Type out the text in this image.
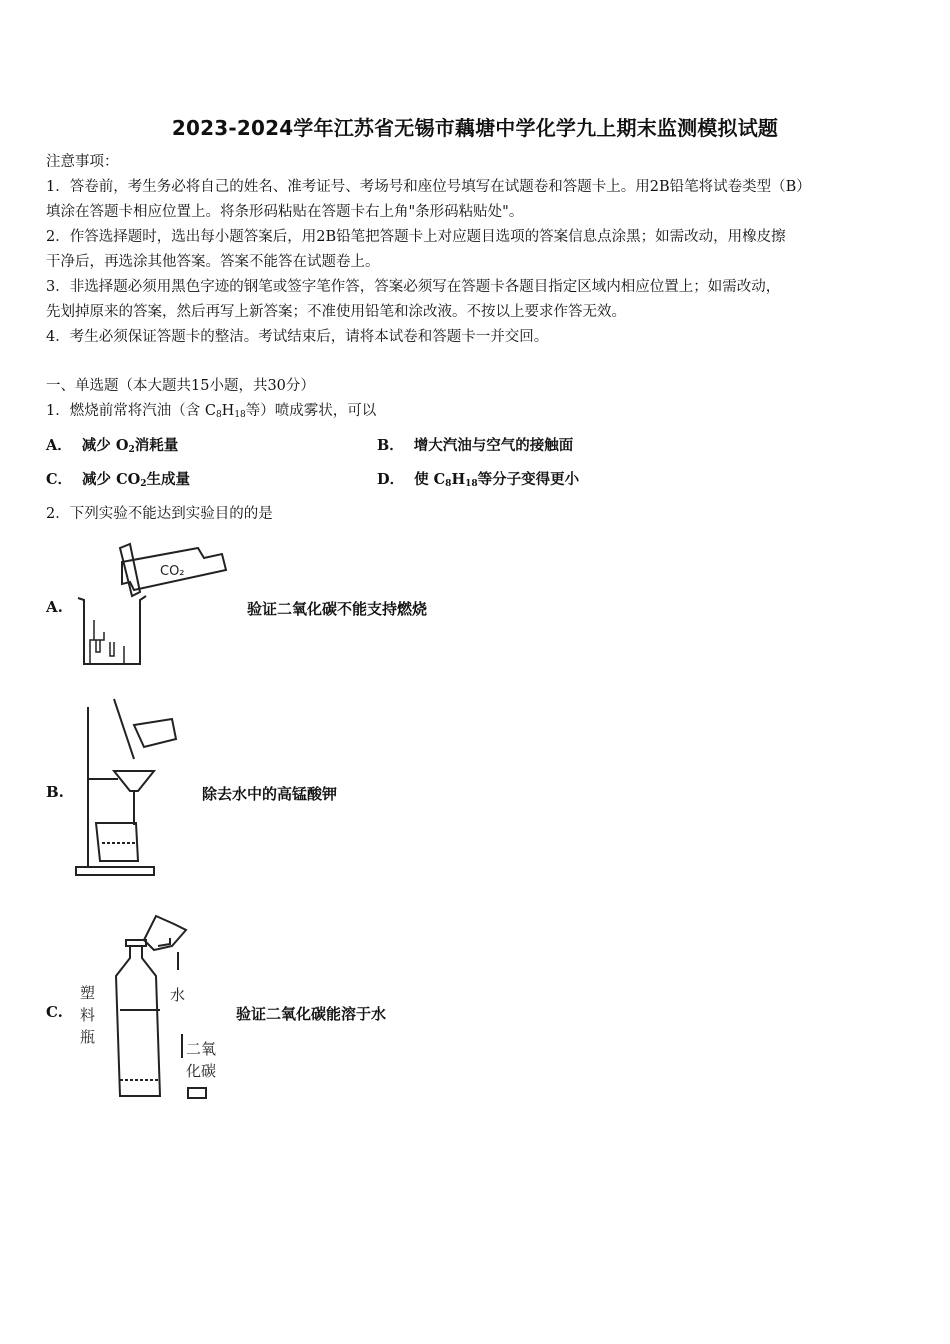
2023-2024学年江苏省无锡市藕塘中学化学九上期末监测模拟试题
注意事项：
1．答卷前，考生务必将自己的姓名、准考证号、考场号和座位号填写在试题卷和答题卡上。用2B铅笔将试卷类型（B）
填涂在答题卡相应位置上。将条形码粘贴在答题卡右上角"条形码粘贴处"。
2．作答选择题时，选出每小题答案后，用2B铅笔把答题卡上对应题目选项的答案信息点涂黑；如需改动，用橡皮擦
干净后，再选涂其他答案。答案不能答在试题卷上。
3．非选择题必须用黑色字迹的钢笔或签字笔作答，答案必须写在答题卡各题目指定区域内相应位置上；如需改动，
先划掉原来的答案，然后再写上新答案；不准使用铅笔和涂改液。不按以上要求作答无效。
4．考生必须保证答题卡的整洁。考试结束后，请将本试卷和答题卡一并交回。
一、单选题（本大题共15小题，共30分）
1．燃烧前常将汽油（含 $C_8H_{18}$等）喷成雾状，可以
A． 减少 $O_2$消耗量	B． 增大汽油与空气的接触面
C． 减少 $CO_2$生成量	D． 使 $C_8H_{18}$等分子变得更小
2．下列实验不能达到实验目的的是
A.
CO₂
验证二氧化碳不能支持燃烧
B.	除去水中的高锰酸钾
C.
塑
料
瓶
水
二氧
化碳
验证二氧化碳能溶于水
